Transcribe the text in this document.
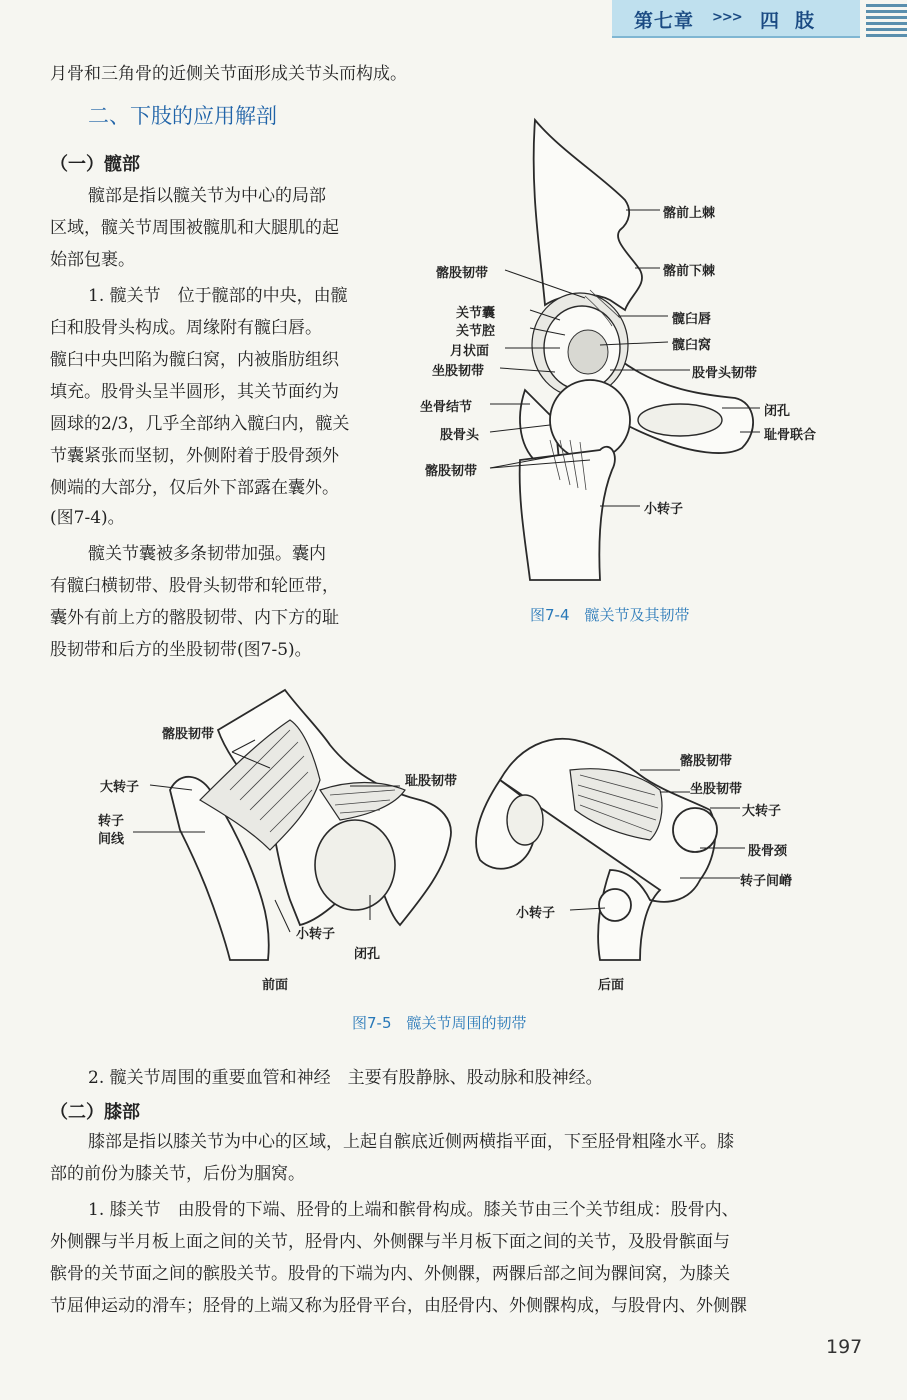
第七章 >>> 四肢
月骨和三角骨的近侧关节面形成关节头而构成。
二、下肢的应用解剖
（一）髋部
髋部是指以髋关节为中心的局部
区域，髋关节周围被髋肌和大腿肌的起
始部包裹。
1. 髋关节　位于髋部的中央，由髋
臼和股骨头构成。周缘附有髋臼唇。
髋臼中央凹陷为髋臼窝，内被脂肪组织
填充。股骨头呈半圆形，其关节面约为
圆球的2/3，几乎全部纳入髋臼内，髋关
节囊紧张而坚韧，外侧附着于股骨颈外
侧端的大部分，仅后外下部露在囊外。
(图7-4)。
髋关节囊被多条韧带加强。囊内
有髋臼横韧带、股骨头韧带和轮匝带，
囊外有前上方的髂股韧带、内下方的耻
股韧带和后方的坐股韧带(图7-5)。
髂前上棘
髂前下棘
髂股韧带
关节囊
关节腔
月状面
坐股韧带
髋臼唇
髋臼窝
股骨头韧带
坐骨结节
股骨头
髂股韧带
闭孔
耻骨联合
小转子
图7-4　髋关节及其韧带
髂股韧带
大转子
转子间线
耻股韧带
小转子
闭孔
髂股韧带
坐股韧带
大转子
股骨颈
转子间嵴
小转子
前面	后面
图7-5　髋关节周围的韧带
2. 髋关节周围的重要血管和神经　主要有股静脉、股动脉和股神经。
（二）膝部
膝部是指以膝关节为中心的区域，上起自髌底近侧两横指平面，下至胫骨粗隆水平。膝
部的前份为膝关节，后份为腘窝。
1. 膝关节　由股骨的下端、胫骨的上端和髌骨构成。膝关节由三个关节组成：股骨内、
外侧髁与半月板上面之间的关节，胫骨内、外侧髁与半月板下面之间的关节，及股骨髌面与
髌骨的关节面之间的髌股关节。股骨的下端为内、外侧髁，两髁后部之间为髁间窝，为膝关
节屈伸运动的滑车；胫骨的上端又称为胫骨平台，由胫骨内、外侧髁构成，与股骨内、外侧髁
197
